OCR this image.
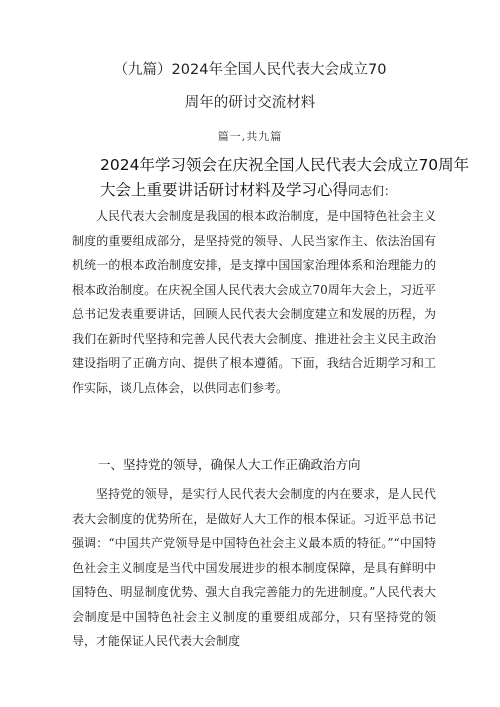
（九篇）2024年全国人民代表大会成立70
周年的研讨交流材料
篇一,共九篇
2024年学习领会在庆祝全国人民代表大会成立70周年大会上重要讲话研讨材料及学习心得同志们：

人民代表大会制度是我国的根本政治制度，是中国特色社会主义制度的重要组成部分，是坚持党的领导、人民当家作主、依法治国有机统一的根本政治制度安排，是支撑中国国家治理体系和治理能力的根本政治制度。在庆祝全国人民代表大会成立70周年大会上，习近平总书记发表重要讲话，回顾人民代表大会制度建立和发展的历程，为我们在新时代坚持和完善人民代表大会制度、推进社会主义民主政治建设指明了正确方向、提供了根本遵循。下面，我结合近期学习和工作实际，谈几点体会，以供同志们参考。

一、坚持党的领导，确保人大工作正确政治方向

坚持党的领导，是实行人民代表大会制度的内在要求，是人民代表大会制度的优势所在，是做好人大工作的根本保证。习近平总书记强调：“中国共产党领导是中国特色社会主义最本质的特征。”“中国特色社会主义制度是当代中国发展进步的根本制度保障，是具有鲜明中国特色、明显制度优势、强大自我完善能力的先进制度。”人民代表大会制度是中国特色社会主义制度的重要组成部分，只有坚持党的领导，才能保证人民代表大会制度
